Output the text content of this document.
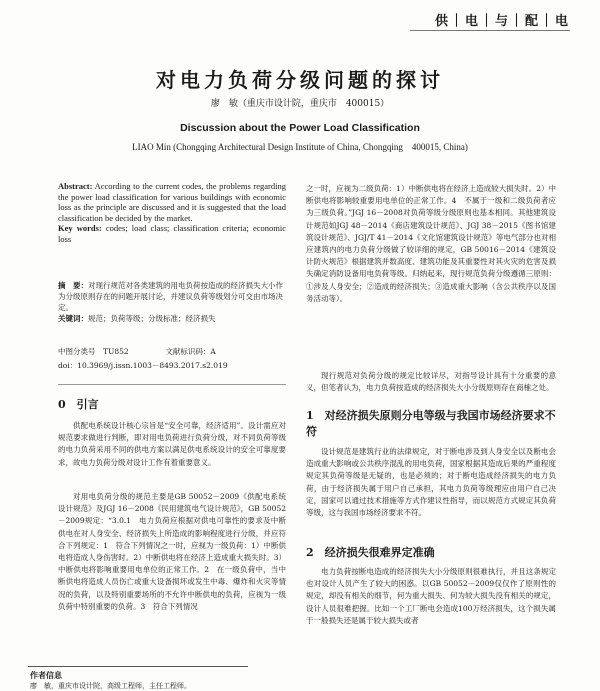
供｜电｜与｜配｜电
对电力负荷分级问题的探讨
廖　敏（重庆市设计院，重庆市　400015）
Discussion about the Power Load Classification
LIAO Min (Chongqing Architectural Design Institute of China, Chongqing　400015, China)
Abstract: According to the current codes, the problems regarding the power load classification for various buildings with economic loss as the principle are discussed and it is suggested that the load classification be decided by the market.
Key words: codes; load class; classification criteria; economic loss
摘　要：对现行规范对各类建筑的用电负荷按造成的经济损失大小作为分级原则存在的问题开展讨论，并建议负荷等级划分可交由市场决定。
关键词：规范；负荷等级；分级标准；经济损失
中图分类号　TU852	文献标识码：A
doi：10.3969/j.issn.1003－8493.2017.s2.019
0　引言

供配电系统设计核心宗旨是“安全可靠，经济适用”。设计需应对规范要求做进行判断，即对用电负荷进行负荷分级，对不同负荷等级的电力负荷采用不同的供电方案以满足供电系统设计的安全可靠度要求，故电力负荷分级对设计工作有着重要意义。

对用电负荷分级的规范主要是GB 50052－2009《供配电系统设计规范》及JGJ 16－2008《民用建筑电气设计规范》，GB 50052－2009规定：“3.0.1　电力负荷应根据对供电可靠性的要求及中断供电在对人身安全、经济损失上所造成的影响程度进行分级，并应符合下列规定：1　符合下列情况之一时，应视为一级负荷：1）中断供电将造成人身伤害时。2）中断供电将在经济上造成重大损失时。3）中断供电将影响重要用电单位的正常工作。2　在一级负荷中，当中断供电将造成人员伤亡或重大设备损坏或发生中毒、爆炸和火灾等情况的负荷，以及特别重要场所的不允许中断供电的负荷，应视为一级负荷中特别重要的负荷。3　符合下列情况

之一时，应视为二级负荷：1）中断供电将在经济上造成较大损失时。2）中断供电将影响较重要用电单位的正常工作。4　不属于一级和二级负荷者应为三级负荷。”JGJ 16－2008对负荷等级分级原则也基本相同。其他建筑设计规范如JGJ 48－2014《商店建筑设计规范》、JGJ 38－2015《图书馆建筑设计规范》、JGJ/T 41－2014《文化馆建筑设计规范》等电气部分也对相应建筑内的电力负荷分级做了较详细的规定，GB 50016－2014《建筑设计防火规范》根据建筑并数高度、建筑功能及其重要性对其火灾的危害及损失确定消防设备用电负荷等级。归纳起来，现行规范负荷分级遵循三原则：①涉及人身安全；②造成的经济损失；③造成重大影响（含公共秩序以及国务活动等）。

现行规范对负荷分级的规定比较详尽，对指导设计具有十分重要的意义，但笔者认为，电力负荷按造成的经济损失大小分级原则存在商榷之处。

1　对经济损失原则分电等级与我国市场经济要求不符

设计规范是建筑行业的法律规定，对于断电涉及到人身安全以及断电会造成重大影响或公共秩序混乱的用电负荷，国家根据其造成后果的严重程度规定其负荷等级是无疑的，也是必须的；对于断电造成经济损失的电力负荷，由于经济损失属于用户自己承担，其电力负荷等级理应由用户自己决定，国家可以通过技术措施等方式作建议性指导，而以规范方式规定其负荷等级，这与我国市场经济要求不符。

2　经济损失很难界定准确

电力负荷按断电造成的经济损失大小分级原则很难执行，并且这条规定也对设计人员产生了较大的困惑。以GB 50052－2009仅仅作了原则性的规定，却没有相关的细节，何为重大损失、何为较大损失没有相关的规定，设计人员很难把握。比如一个工厂断电会造成100万经济损失，这个损失属于一般损失还是属于较大损失或者

作者信息
廖　敏，重庆市设计院，高级工程师，主任工程师。
